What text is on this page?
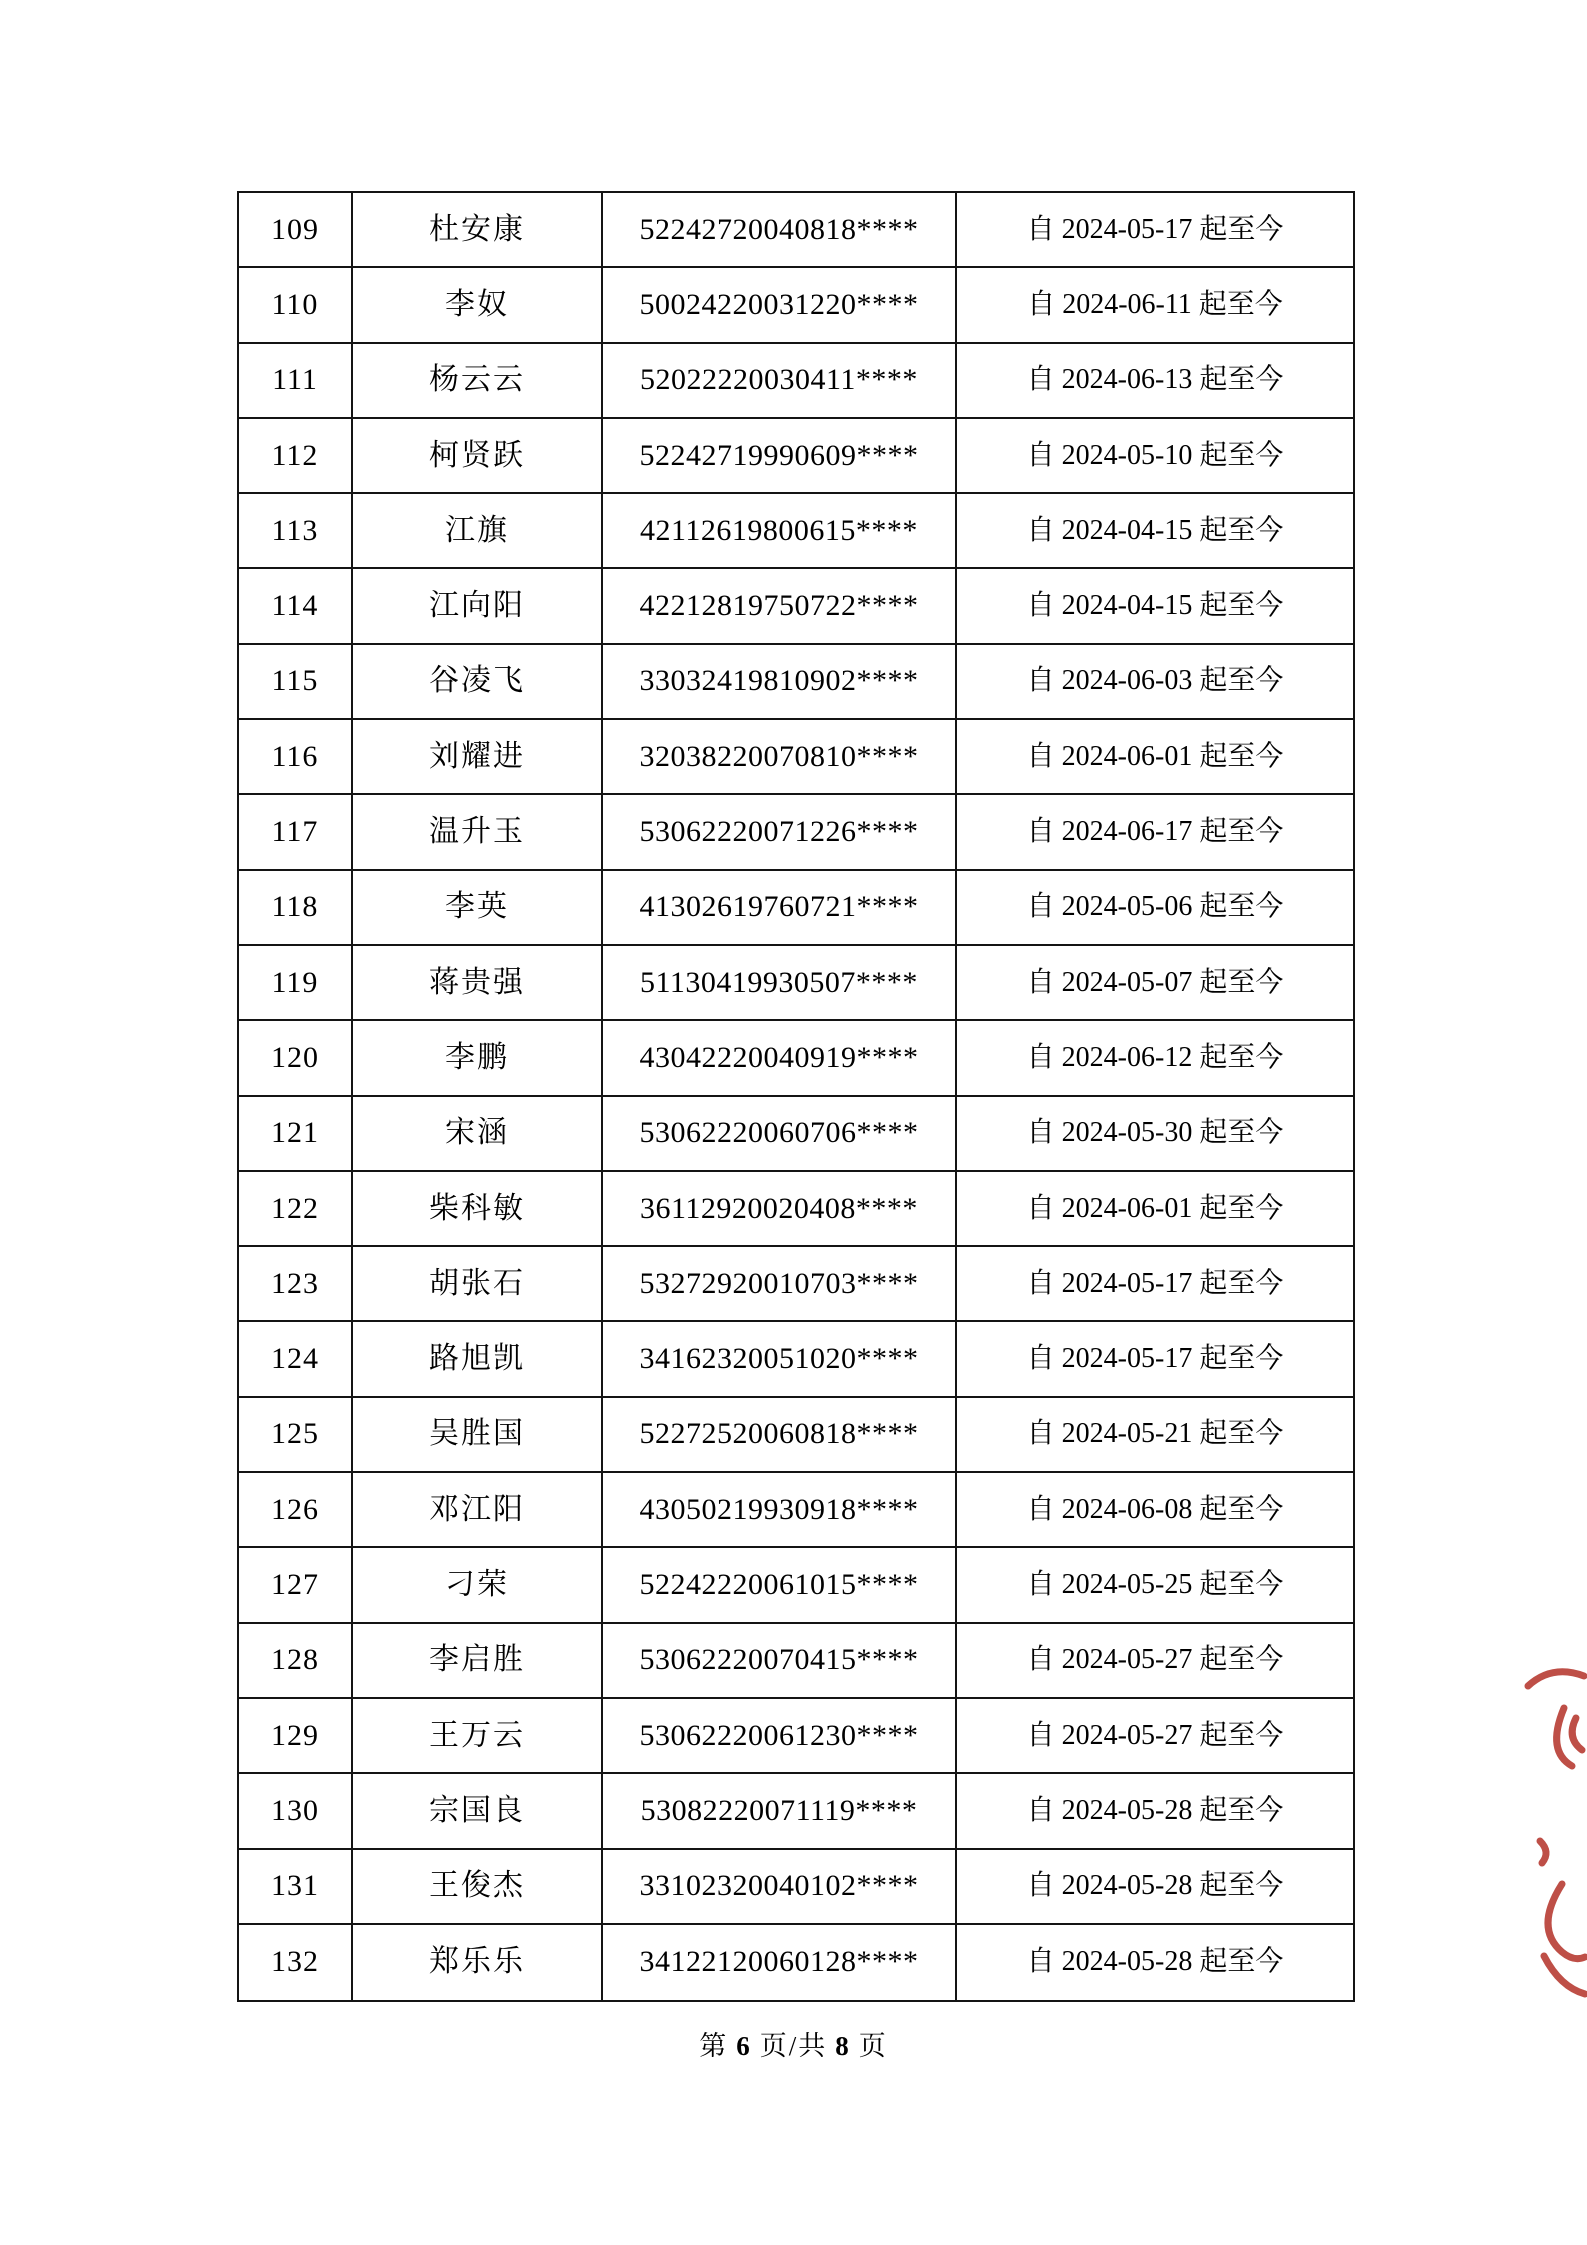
109	杜安康	52242720040818****	自 2024-05-17 起至今
110	李奴	50024220031220****	自 2024-06-11 起至今
111	杨云云	52022220030411****	自 2024-06-13 起至今
112	柯贤跃	52242719990609****	自 2024-05-10 起至今
113	江旗	42112619800615****	自 2024-04-15 起至今
114	江向阳	42212819750722****	自 2024-04-15 起至今
115	谷凌飞	33032419810902****	自 2024-06-03 起至今
116	刘耀进	32038220070810****	自 2024-06-01 起至今
117	温升玉	53062220071226****	自 2024-06-17 起至今
118	李英	41302619760721****	自 2024-05-06 起至今
119	蒋贵强	51130419930507****	自 2024-05-07 起至今
120	李鹏	43042220040919****	自 2024-06-12 起至今
121	宋涵	53062220060706****	自 2024-05-30 起至今
122	柴科敏	36112920020408****	自 2024-06-01 起至今
123	胡张石	53272920010703****	自 2024-05-17 起至今
124	路旭凯	34162320051020****	自 2024-05-17 起至今
125	吴胜国	52272520060818****	自 2024-05-21 起至今
126	邓江阳	43050219930918****	自 2024-06-08 起至今
127	刁荣	52242220061015****	自 2024-05-25 起至今
128	李启胜	53062220070415****	自 2024-05-27 起至今
129	王万云	53062220061230****	自 2024-05-27 起至今
130	宗国良	53082220071119****	自 2024-05-28 起至今
131	王俊杰	33102320040102****	自 2024-05-28 起至今
132	郑乐乐	34122120060128****	自 2024-05-28 起至今
第 6 页/共 8 页
